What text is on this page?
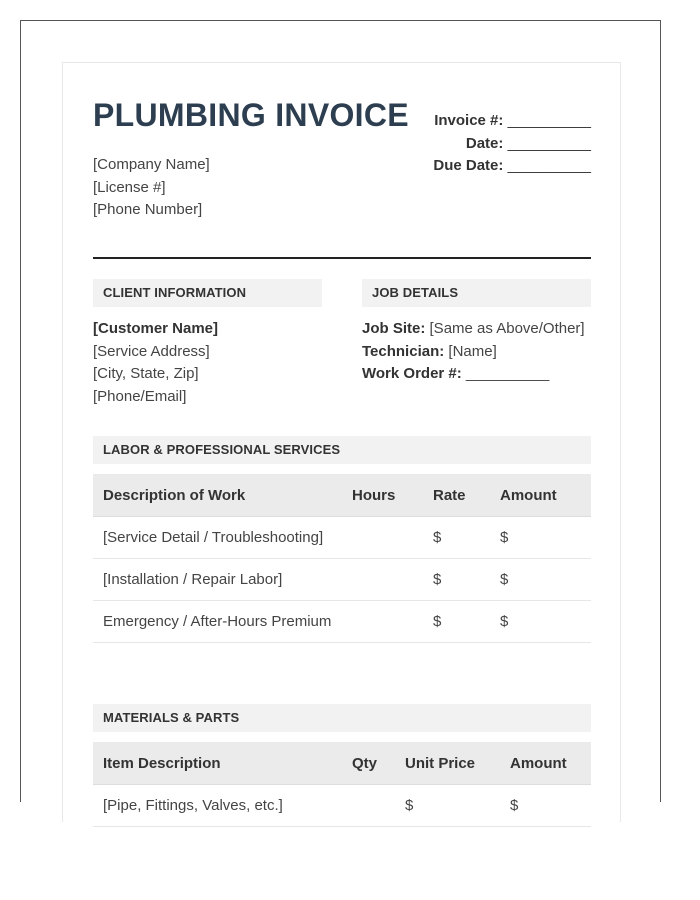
PLUMBING INVOICE
[Company Name]
[License #]
[Phone Number]
Invoice #: __________
Date: __________
Due Date: __________
CLIENT INFORMATION	JOB DETAILS
[Customer Name]
[Service Address]
[City, State, Zip]
[Phone/Email]
Job Site: [Same as Above/Other]
Technician: [Name]
Work Order #: __________
LABOR & PROFESSIONAL SERVICES
Description of Work	Hours	Rate	Amount
[Service Detail / Troubleshooting]		$	$
[Installation / Repair Labor]		$	$
Emergency / After-Hours Premium		$	$
MATERIALS & PARTS
Item Description	Qty	Unit Price	Amount
[Pipe, Fittings, Valves, etc.]		$	$
